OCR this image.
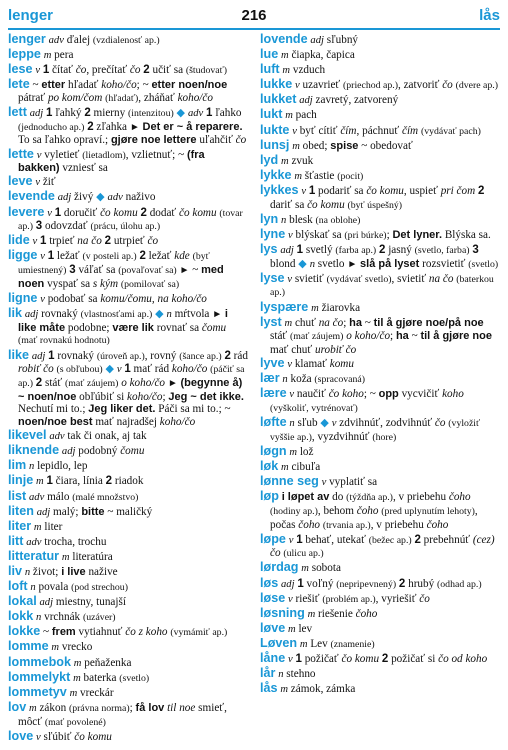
lenger	216	lås

lenger adv ďalej (vzdialenosť ap.)

leppe m pera

lese v 1 čítať čo, prečítať čo 2 učiť sa (študovať)

lete ~ etter hľadať koho/čo; ~ etter noen/noe pátrať po kom/čom (hľadať), zháňať koho/čo

lett adj 1 ľahký 2 mierny (intenzitou) ◆ adv 1 ľahko (jednoducho ap.) 2 zľahka ► Det er ~ å reparere. To sa ľahko opraví.; gjøre noe lettere uľahčiť čo

lette v vyletieť (lietadlom), vzlietnuť; ~ (fra bakken) vzniesť sa

leve v žiť

levende adj živý ◆ adv naživo

levere v 1 doručiť čo komu 2 dodať čo komu (tovar ap.) 3 odovzdať (prácu, úlohu ap.)

lide v 1 trpieť na čo 2 utrpieť čo

ligge v 1 ležať (v posteli ap.) 2 ležať kde (byť umiestnený) 3 váľať sa (povaľovať sa) ► ~ med noen vyspať sa s kým (pomilovať sa)

ligne v podobať sa komu/čomu, na koho/čo

lik adj rovnaký (vlastnosťami ap.) ◆ n mŕtvola ► i like måte podobne; være lik rovnať sa čomu (mať rovnakú hodnotu)

like adj 1 rovnaký (úroveň ap.), rovný (šance ap.) 2 rád robiť čo (s obľubou) ◆ v 1 mať rád koho/čo (páčiť sa ap.) 2 stáť (mať záujem) o koho/čo ► (begynne å) ~ noen/noe obľúbiť si koho/čo; Jeg ~ det ikke. Nechutí mi to.; Jeg liker det. Páči sa mi to.; ~ noen/noe best mať najradšej koho/čo

likevel adv tak či onak, aj tak

liknende adj podobný čomu

lim n lepidlo, lep

linje m 1 čiara, línia 2 riadok

list adv málo (malé množstvo)

liten adj malý; bitte ~ maličký

liter m liter

litt adv trocha, trochu

litteratur m literatúra

liv n život; i live nažive

loft n povala (pod strechou)

lokal adj miestny, tunajší

lokk n vrchnák (uzáver)

lokke ~ frem vytiahnuť čo z koho (vymámiť ap.)

lomme m vrecko

lommebok m peňaženka

lommelykt m baterka (svetlo)

lommetyv m vreckár

lov m zákon (právna norma); få lov til noe smieť, môcť (mať povolené)

love v sľúbiť čo komu

lovende adj sľubný

lue m čiapka, čapica

luft m vzduch

lukke v uzavrieť (priechod ap.), zatvoriť čo (dvere ap.)

lukket adj zavretý, zatvorený

lukt m pach

lukte v byť cítiť čím, páchnuť čím (vydávať pach)

lunsj m obed; spise ~ obedovať

lyd m zvuk

lykke m šťastie (pocit)

lykkes v 1 podariť sa čo komu, uspieť pri čom 2 dariť sa čo komu (byť úspešný)

lyn n blesk (na oblohe)

lyne v blýskať sa (pri búrke); Det lyner. Blýska sa.

lys adj 1 svetlý (farba ap.) 2 jasný (svetlo, farba) 3 blond ◆ n svetlo ► slå på lyset rozsvietiť (svetlo)

lyse v svietiť (vydávať svetlo), svietiť na čo (baterkou ap.)

lyspære m žiarovka

lyst m chuť na čo; ha ~ til å gjøre noe/på noe stáť (mať záujem) o koho/čo; ha ~ til å gjøre noe mať chuť urobiť čo

lyve v klamať komu

lær n koža (spracovaná)

lære v naučiť čo koho; ~ opp vycvičiť koho (vyškoliť, vytrénovať)

løfte n sľub ◆ v zdvihnúť, zodvihnúť čo (vyložiť vyššie ap.), vyzdvihnúť (hore)

løgn m lož

løk m cibuľa

lønne seg v vyplatiť sa

løp i løpet av do (týždňa ap.), v priebehu čoho (hodiny ap.), behom čoho (pred uplynutím lehoty), počas čoho (trvania ap.), v priebehu čoho

løpe v 1 behať, utekať (bežec ap.) 2 prebehnúť (cez) čo (ulicu ap.)

lørdag m sobota

løs adj 1 voľný (nepripevnený) 2 hrubý (odhad ap.)

løse v riešiť (problém ap.), vyriešiť čo

løsning m riešenie čoho

løve m lev

Løven m Lev (znamenie)

låne v 1 požičať čo komu 2 požičať si čo od koho

lår n stehno

lås m zámok, zámka
